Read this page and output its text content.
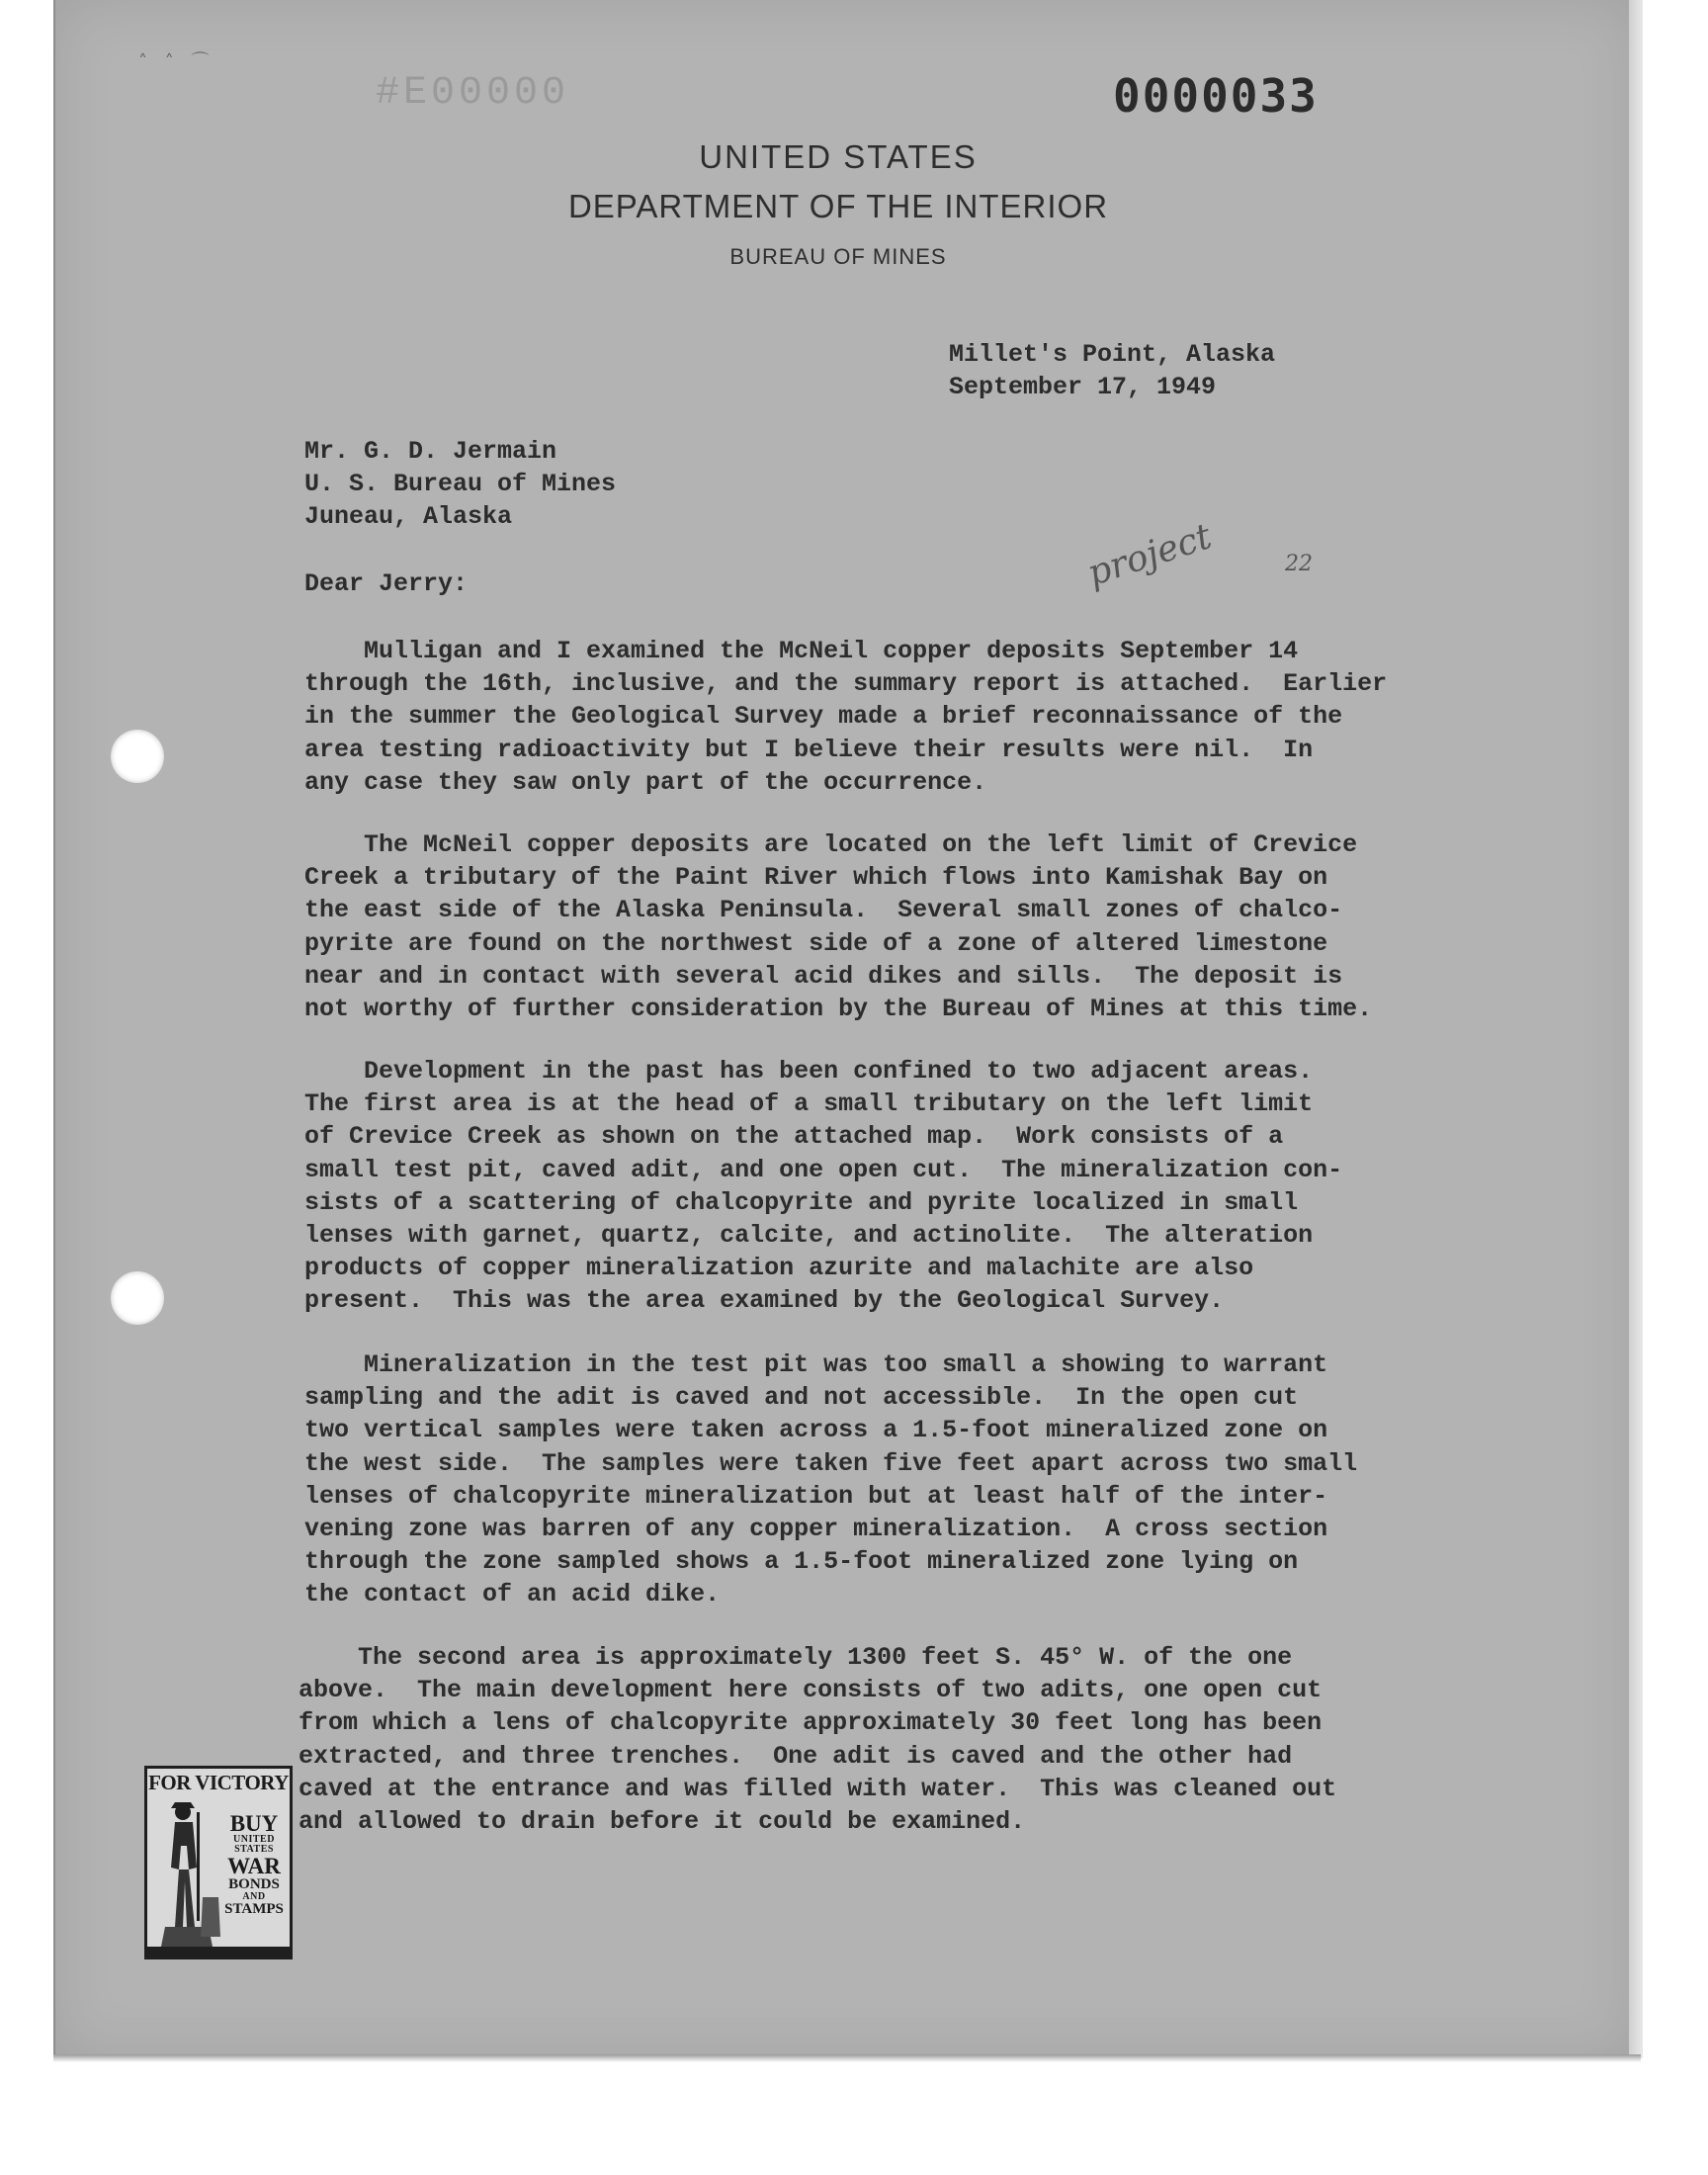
˄ ˄ ⌒
#E00000	0000033
UNITED STATES
DEPARTMENT OF THE INTERIOR
BUREAU OF MINES
Millet's Point, Alaska
September 17, 1949
Mr. G. D. Jermain
U. S. Bureau of Mines
Juneau, Alaska
Dear Jerry:	project	22
Mulligan and I examined the McNeil copper deposits September 14
through the 16th, inclusive, and the summary report is attached.  Earlier
in the summer the Geological Survey made a brief reconnaissance of the
area testing radioactivity but I believe their results were nil.  In
any case they saw only part of the occurrence.
The McNeil copper deposits are located on the left limit of Crevice
Creek a tributary of the Paint River which flows into Kamishak Bay on
the east side of the Alaska Peninsula.  Several small zones of chalco-
pyrite are found on the northwest side of a zone of altered limestone
near and in contact with several acid dikes and sills.  The deposit is
not worthy of further consideration by the Bureau of Mines at this time.
Development in the past has been confined to two adjacent areas.
The first area is at the head of a small tributary on the left limit
of Crevice Creek as shown on the attached map.  Work consists of a
small test pit, caved adit, and one open cut.  The mineralization con-
sists of a scattering of chalcopyrite and pyrite localized in small
lenses with garnet, quartz, calcite, and actinolite.  The alteration
products of copper mineralization azurite and malachite are also
present.  This was the area examined by the Geological Survey.
Mineralization in the test pit was too small a showing to warrant
sampling and the adit is caved and not accessible.  In the open cut
two vertical samples were taken across a 1.5-foot mineralized zone on
the west side.  The samples were taken five feet apart across two small
lenses of chalcopyrite mineralization but at least half of the inter-
vening zone was barren of any copper mineralization.  A cross section
through the zone sampled shows a 1.5-foot mineralized zone lying on
the contact of an acid dike.
The second area is approximately 1300 feet S. 45° W. of the one
above.  The main development here consists of two adits, one open cut
from which a lens of chalcopyrite approximately 30 feet long has been
extracted, and three trenches.  One adit is caved and the other had
caved at the entrance and was filled with water.  This was cleaned out
and allowed to drain before it could be examined.
FOR VICTORY
BUY
UNITED
STATES
WAR
BONDS
AND
STAMPS
